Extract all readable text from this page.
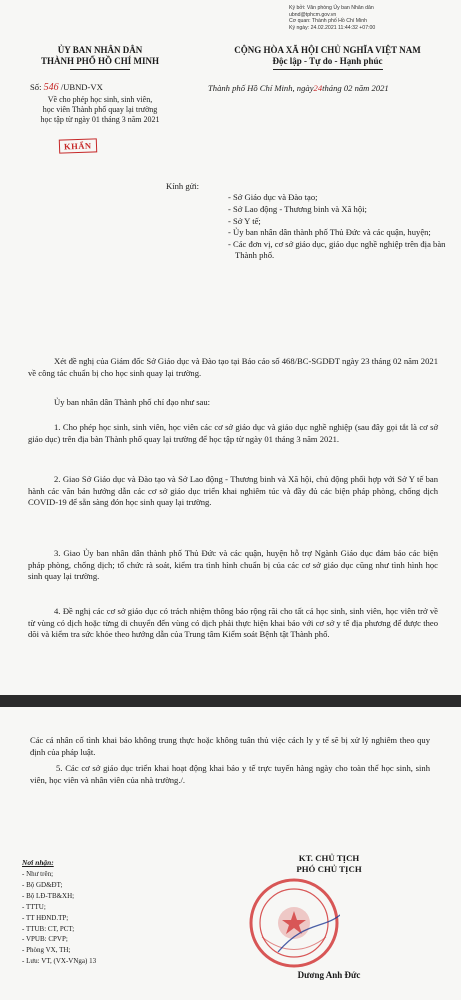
Ký bởi: Văn phòng Ủy ban Nhân dân
ubnd@tphcm.gov.vn
Cơ quan: Thành phố Hồ Chí Minh
Ký ngày: 24.02.2021 11:44:32 +07:00
ỦY BAN NHÂN DÂN
THÀNH PHỐ HỒ CHÍ MINH
CỘNG HÒA XÃ HỘI CHỦ NGHĨA VIỆT NAM
Độc lập - Tự do - Hạnh phúc
Số: 546 /UBND-VX	Thành phố Hồ Chí Minh, ngày24tháng 02 năm 2021
Về cho phép học sinh, sinh viên,
học viên Thành phố quay lại trường
học tập từ ngày 01 tháng 3 năm 2021
KHẨN
Kính gửi:
- Sở Giáo dục và Đào tạo;
- Sở Lao động - Thương binh và Xã hội;
- Sở Y tế;
- Ủy ban nhân dân thành phố Thủ Đức và các quận, huyện;
- Các đơn vị, cơ sở giáo dục, giáo dục nghề nghiệp trên địa bàn Thành phố.

Xét đề nghị của Giám đốc Sở Giáo dục và Đào tạo tại Báo cáo số 468/BC-SGDĐT ngày 23 tháng 02 năm 2021 về công tác chuẩn bị cho học sinh quay lại trường.

Ủy ban nhân dân Thành phố chỉ đạo như sau:

1. Cho phép học sinh, sinh viên, học viên các cơ sở giáo dục và giáo dục nghề nghiệp (sau đây gọi tắt là cơ sở giáo dục) trên địa bàn Thành phố quay lại trường để học tập từ ngày 01 tháng 3 năm 2021.

2. Giao Sở Giáo dục và Đào tạo và Sở Lao động - Thương binh và Xã hội, chủ động phối hợp với Sở Y tế ban hành các văn bản hướng dẫn các cơ sở giáo dục triển khai nghiêm túc và đầy đủ các biện pháp phòng, chống dịch COVID-19 để sẵn sàng đón học sinh quay lại trường.

3. Giao Ủy ban nhân dân thành phố Thủ Đức và các quận, huyện hỗ trợ Ngành Giáo dục đảm bảo các biện pháp phòng, chống dịch; tổ chức rà soát, kiểm tra tình hình chuẩn bị của các cơ sở giáo dục cũng như tình hình học sinh quay lại trường.

4. Đề nghị các cơ sở giáo dục có trách nhiệm thông báo rộng rãi cho tất cả học sinh, sinh viên, học viên trở về từ vùng có dịch hoặc từng di chuyển đến vùng có dịch phải thực hiện khai báo với cơ sở y tế địa phương để được theo dõi và kiểm tra sức khỏe theo hướng dẫn của Trung tâm Kiểm soát Bệnh tật Thành phố.

Các cá nhân cố tình khai báo không trung thực hoặc không tuân thủ việc cách ly y tế sẽ bị xử lý nghiêm theo quy định của pháp luật.

5. Các cơ sở giáo dục triển khai hoạt động khai báo y tế trực tuyến hàng ngày cho toàn thể học sinh, sinh viên, học viên và nhân viên của nhà trường./.

Nơi nhận:
- Như trên;
- Bộ GD&ĐT;
- Bộ LĐ-TB&XH;
- TTTU;
- TT HĐND.TP;
- TTUB: CT, PCT;
- VPUB: CPVP;
- Phòng VX, TH;
- Lưu: VT, (VX-VNga) 13
KT. CHỦ TỊCH
PHÓ CHỦ TỊCH
Dương Anh Đức
